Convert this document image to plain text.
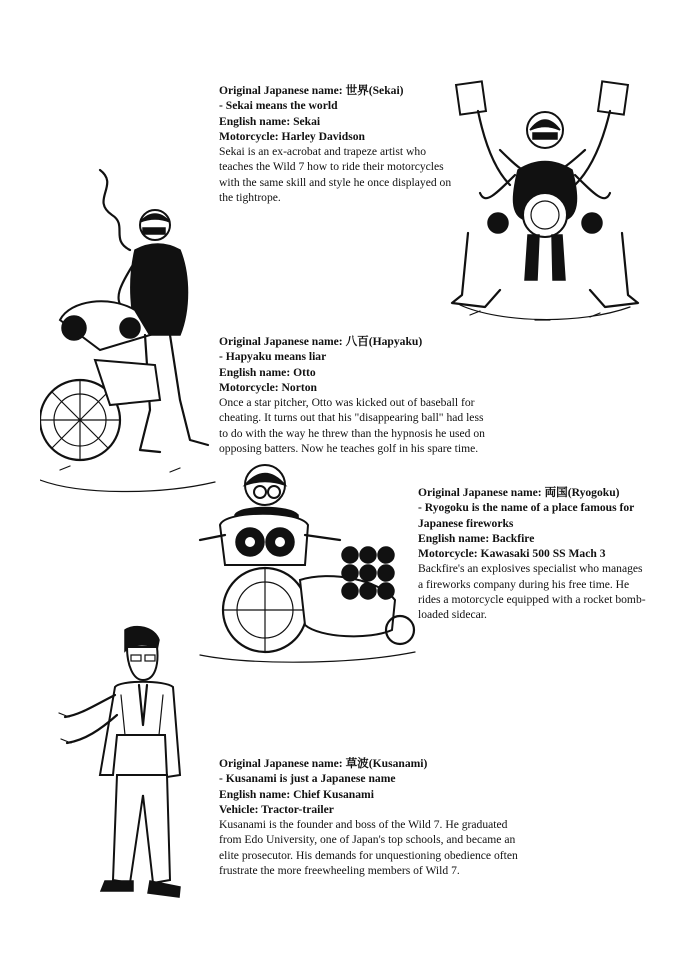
Original Japanese name: 世界(Sekai)
- Sekai means the world
English name: Sekai
Motorcycle: Harley Davidson
Sekai is an ex-acrobat and trapeze artist who teaches the Wild 7 how to ride their motorcycles with the same skill and style he once displayed on the tightrope.
Original Japanese name: 八百(Hapyaku)
- Hapyaku means liar
English name: Otto
Motorcycle: Norton
Once a star pitcher, Otto was kicked out of baseball for cheating. It turns out that his "disappearing ball" had less to do with the way he threw than the hypnosis he used on opposing batters. Now he teaches golf in his spare time.
Original Japanese name: 両国(Ryogoku)
- Ryogoku is the name of a place famous for Japanese fireworks
English name: Backfire
Motorcycle: Kawasaki 500 SS Mach 3
Backfire's an explosives specialist who manages a fireworks company during his free time. He rides a motorcycle equipped with a rocket bomb-loaded sidecar.
Original Japanese name: 草波(Kusanami)
- Kusanami is just a Japanese name
English name: Chief Kusanami
Vehicle: Tractor-trailer
Kusanami is the founder and boss of the Wild 7. He graduated from Edo University, one of Japan's top schools, and became an elite prosecutor. His demands for unquestioning obedience often frustrate the more freewheeling members of Wild 7.
